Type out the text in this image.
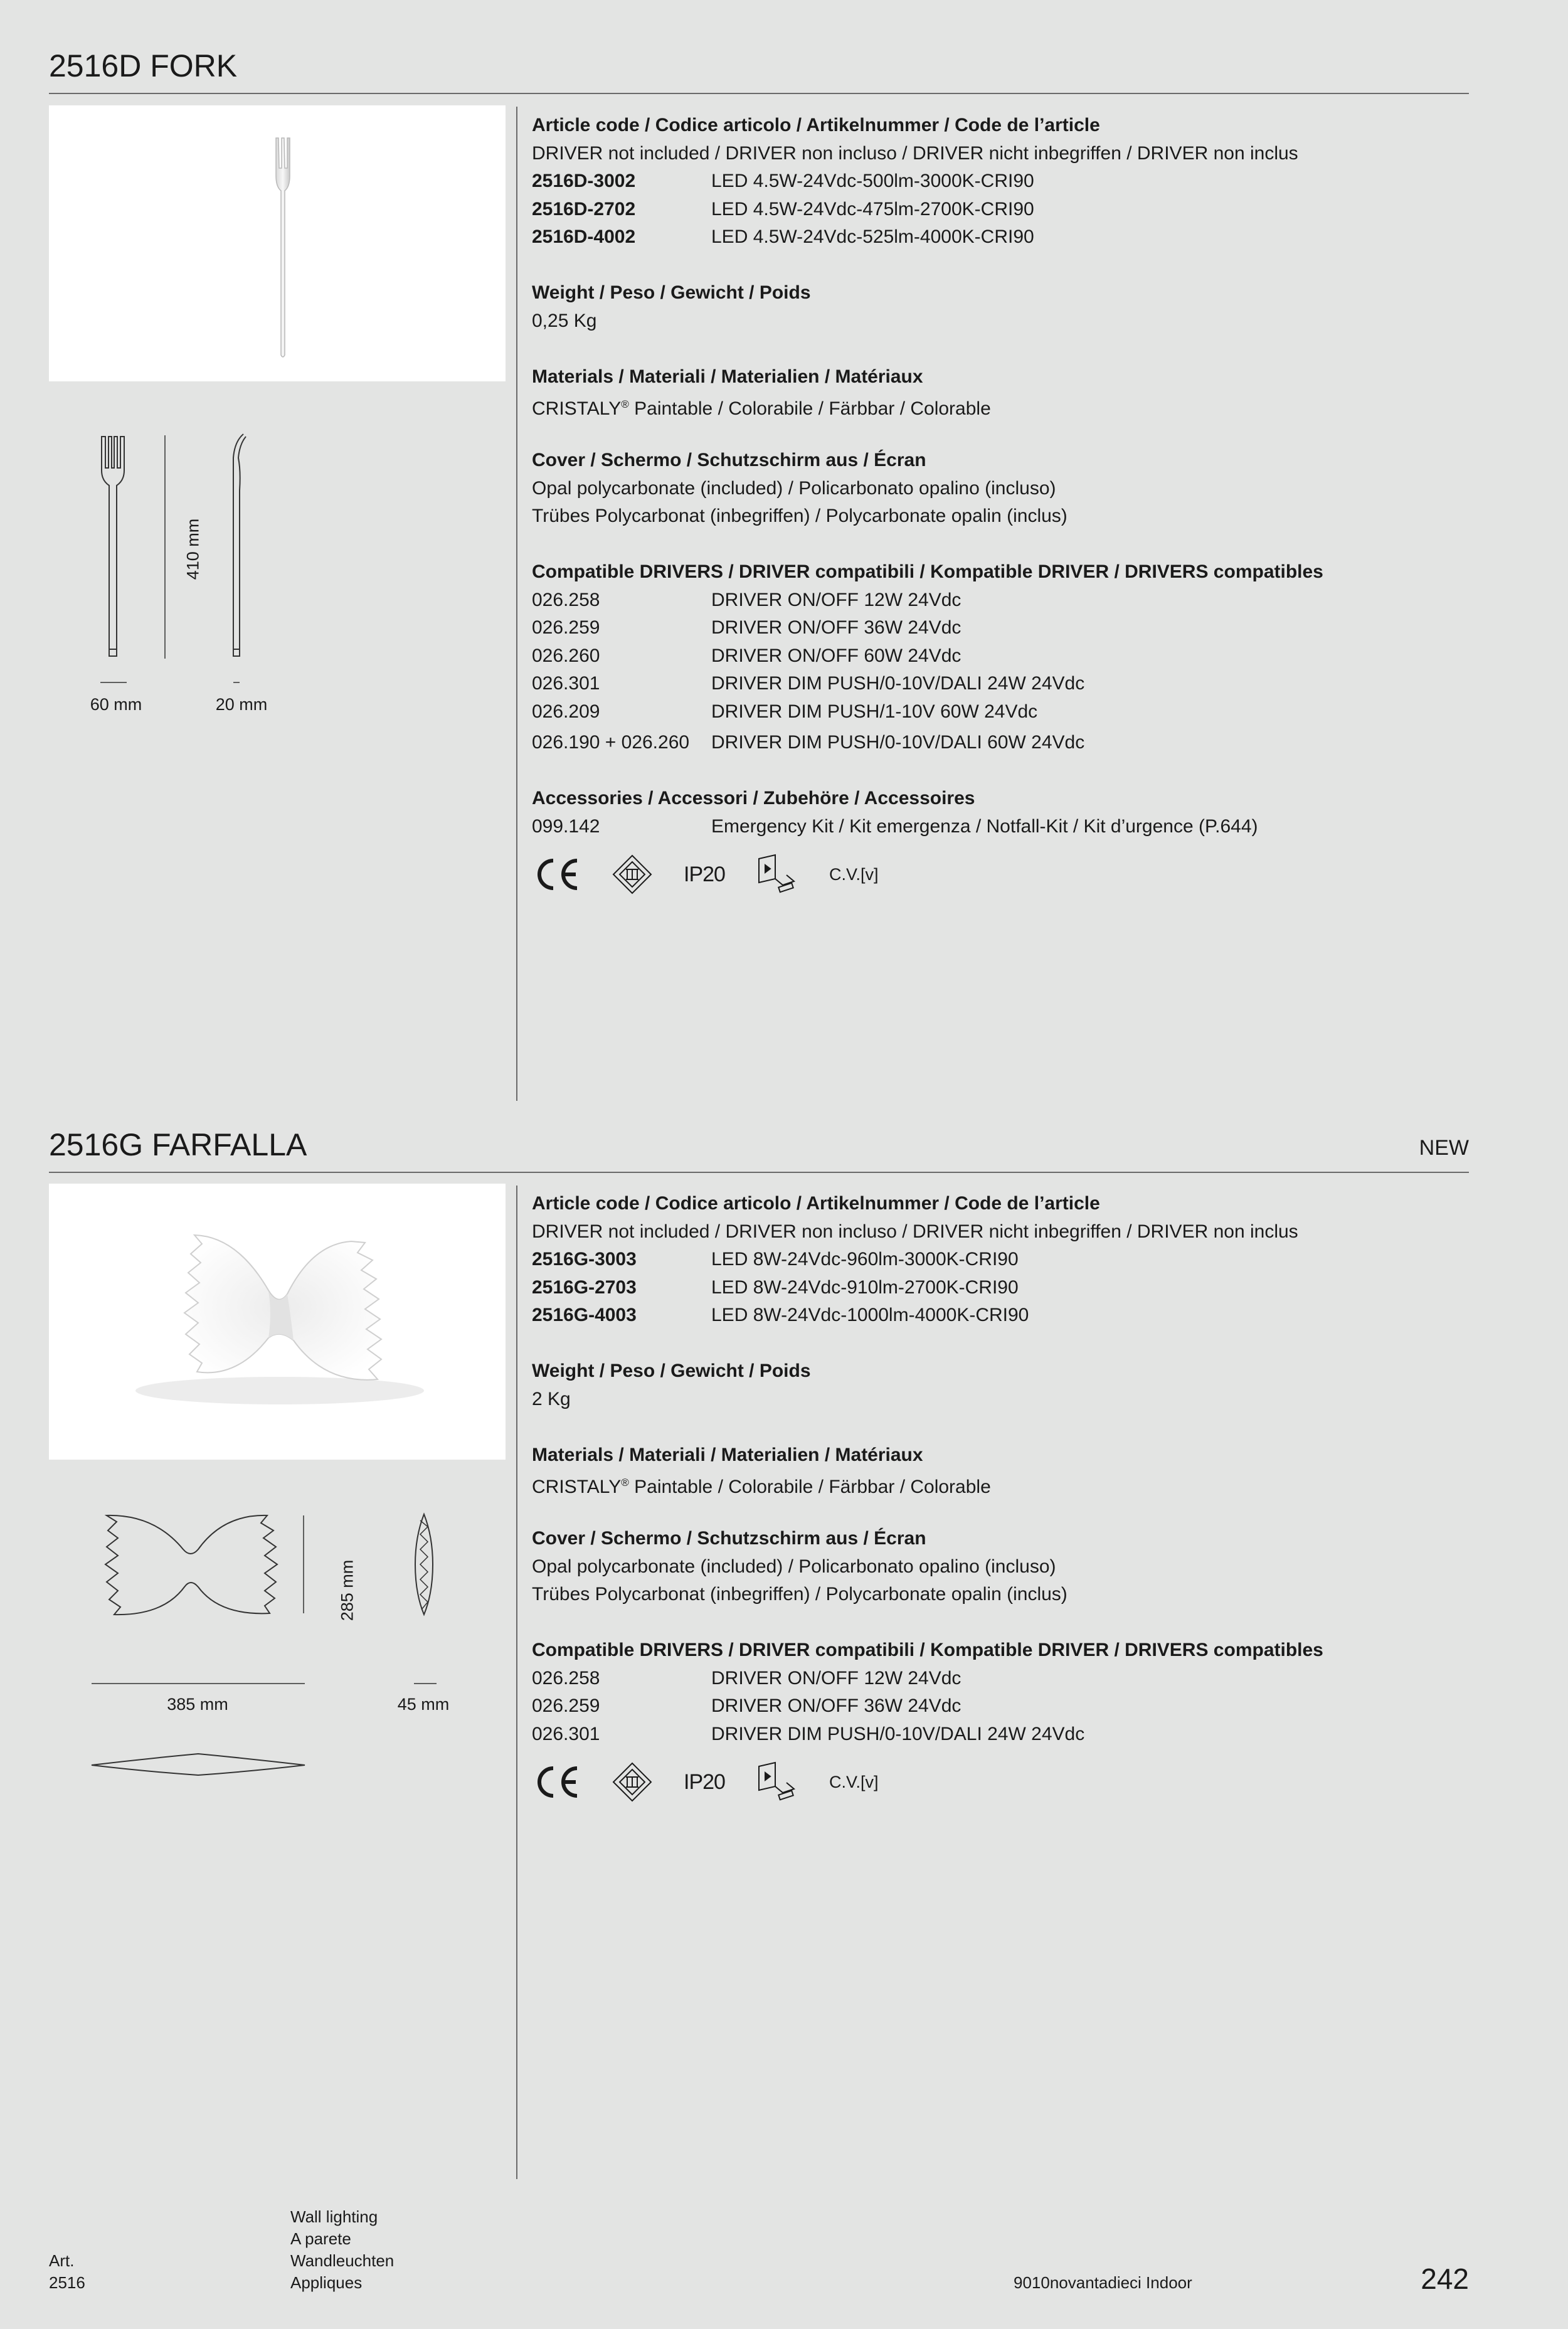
2516D FORK
410 mm
60 mm	20 mm
Article code / Codice articolo / Artikelnummer / Code de l’article
DRIVER not included / DRIVER non incluso / DRIVER nicht inbegriffen / DRIVER non inclus
2516D-3002	LED 4.5W-24Vdc-500lm-3000K-CRI90
2516D-2702	LED 4.5W-24Vdc-475lm-2700K-CRI90
2516D-4002	LED 4.5W-24Vdc-525lm-4000K-CRI90
Weight / Peso / Gewicht / Poids
0,25 Kg
Materials / Materiali / Materialien / Matériaux
CRISTALY® Paintable / Colorabile / Färbbar / Colorable
Cover / Schermo / Schutzschirm aus / Écran
Opal polycarbonate (included) / Policarbonato opalino (incluso)
Trübes Polycarbonat (inbegriffen) / Polycarbonate opalin (inclus)
Compatible DRIVERS / DRIVER compatibili / Kompatible DRIVER / DRIVERS compatibles
026.258	DRIVER ON/OFF 12W 24Vdc
026.259	DRIVER ON/OFF 36W 24Vdc
026.260	DRIVER ON/OFF 60W 24Vdc
026.301	DRIVER DIM PUSH/0-10V/DALI 24W 24Vdc
026.209	DRIVER DIM PUSH/1-10V 60W 24Vdc
026.190 + 026.260	DRIVER DIM PUSH/0-10V/DALI 60W 24Vdc
Accessories / Accessori / Zubehöre / Accessoires
099.142	Emergency Kit / Kit emergenza / Notfall-Kit / Kit d’urgence (P.644)
IP20	C.V. [v]
2516G FARFALLA	NEW
285 mm
385 mm	45 mm
Article code / Codice articolo / Artikelnummer / Code de l’article
DRIVER not included / DRIVER non incluso / DRIVER nicht inbegriffen / DRIVER non inclus
2516G-3003	LED 8W-24Vdc-960lm-3000K-CRI90
2516G-2703	LED 8W-24Vdc-910lm-2700K-CRI90
2516G-4003	LED 8W-24Vdc-1000lm-4000K-CRI90
Weight / Peso / Gewicht / Poids
2 Kg
Materials / Materiali / Materialien / Matériaux
CRISTALY® Paintable / Colorabile / Färbbar / Colorable
Cover / Schermo / Schutzschirm aus / Écran
Opal polycarbonate (included) / Policarbonato opalino (incluso)
Trübes Polycarbonat (inbegriffen) / Polycarbonate opalin (inclus)
Compatible DRIVERS / DRIVER compatibili / Kompatible DRIVER / DRIVERS compatibles
026.258	DRIVER ON/OFF 12W 24Vdc
026.259	DRIVER ON/OFF 36W 24Vdc
026.301	DRIVER DIM PUSH/0-10V/DALI 24W 24Vdc
IP20	C.V. [v]
Art.
2516
Wall lighting
A parete
Wandleuchten
Appliques	9010novantadieci Indoor	242
